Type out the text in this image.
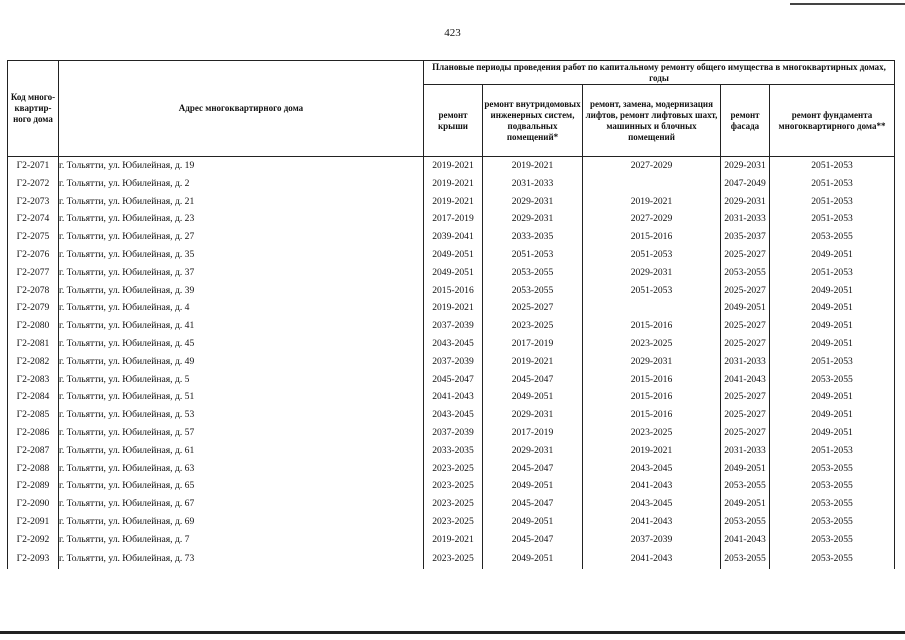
423
Код много-квартир-ного дома	Адрес многоквартирного дома	Плановые периоды проведения работ по капитальному ремонту общего имущества в многоквартирных домах, годы				
		ремонт крыши	ремонт внутридомовых инженерных систем, подвальных помещений*	ремонт, замена, модернизация лифтов, ремонт лифтовых шахт, машинных и блочных помещений	ремонт фасада	ремонт фундамента многоквартирного дома**
Г2-2071	г. Тольятти, ул. Юбилейная, д. 19	2019-2021	2019-2021	2027-2029	2029-2031	2051-2053
Г2-2072	г. Тольятти, ул. Юбилейная, д. 2	2019-2021	2031-2033		2047-2049	2051-2053
Г2-2073	г. Тольятти, ул. Юбилейная, д. 21	2019-2021	2029-2031	2019-2021	2029-2031	2051-2053
Г2-2074	г. Тольятти, ул. Юбилейная, д. 23	2017-2019	2029-2031	2027-2029	2031-2033	2051-2053
Г2-2075	г. Тольятти, ул. Юбилейная, д. 27	2039-2041	2033-2035	2015-2016	2035-2037	2053-2055
Г2-2076	г. Тольятти, ул. Юбилейная, д. 35	2049-2051	2051-2053	2051-2053	2025-2027	2049-2051
Г2-2077	г. Тольятти, ул. Юбилейная, д. 37	2049-2051	2053-2055	2029-2031	2053-2055	2051-2053
Г2-2078	г. Тольятти, ул. Юбилейная, д. 39	2015-2016	2053-2055	2051-2053	2025-2027	2049-2051
Г2-2079	г. Тольятти, ул. Юбилейная, д. 4	2019-2021	2025-2027		2049-2051	2049-2051
Г2-2080	г. Тольятти, ул. Юбилейная, д. 41	2037-2039	2023-2025	2015-2016	2025-2027	2049-2051
Г2-2081	г. Тольятти, ул. Юбилейная, д. 45	2043-2045	2017-2019	2023-2025	2025-2027	2049-2051
Г2-2082	г. Тольятти, ул. Юбилейная, д. 49	2037-2039	2019-2021	2029-2031	2031-2033	2051-2053
Г2-2083	г. Тольятти, ул. Юбилейная, д. 5	2045-2047	2045-2047	2015-2016	2041-2043	2053-2055
Г2-2084	г. Тольятти, ул. Юбилейная, д. 51	2041-2043	2049-2051	2015-2016	2025-2027	2049-2051
Г2-2085	г. Тольятти, ул. Юбилейная, д. 53	2043-2045	2029-2031	2015-2016	2025-2027	2049-2051
Г2-2086	г. Тольятти, ул. Юбилейная, д. 57	2037-2039	2017-2019	2023-2025	2025-2027	2049-2051
Г2-2087	г. Тольятти, ул. Юбилейная, д. 61	2033-2035	2029-2031	2019-2021	2031-2033	2051-2053
Г2-2088	г. Тольятти, ул. Юбилейная, д. 63	2023-2025	2045-2047	2043-2045	2049-2051	2053-2055
Г2-2089	г. Тольятти, ул. Юбилейная, д. 65	2023-2025	2049-2051	2041-2043	2053-2055	2053-2055
Г2-2090	г. Тольятти, ул. Юбилейная, д. 67	2023-2025	2045-2047	2043-2045	2049-2051	2053-2055
Г2-2091	г. Тольятти, ул. Юбилейная, д. 69	2023-2025	2049-2051	2041-2043	2053-2055	2053-2055
Г2-2092	г. Тольятти, ул. Юбилейная, д. 7	2019-2021	2045-2047	2037-2039	2041-2043	2053-2055
Г2-2093	г. Тольятти, ул. Юбилейная, д. 73	2023-2025	2049-2051	2041-2043	2053-2055	2053-2055
